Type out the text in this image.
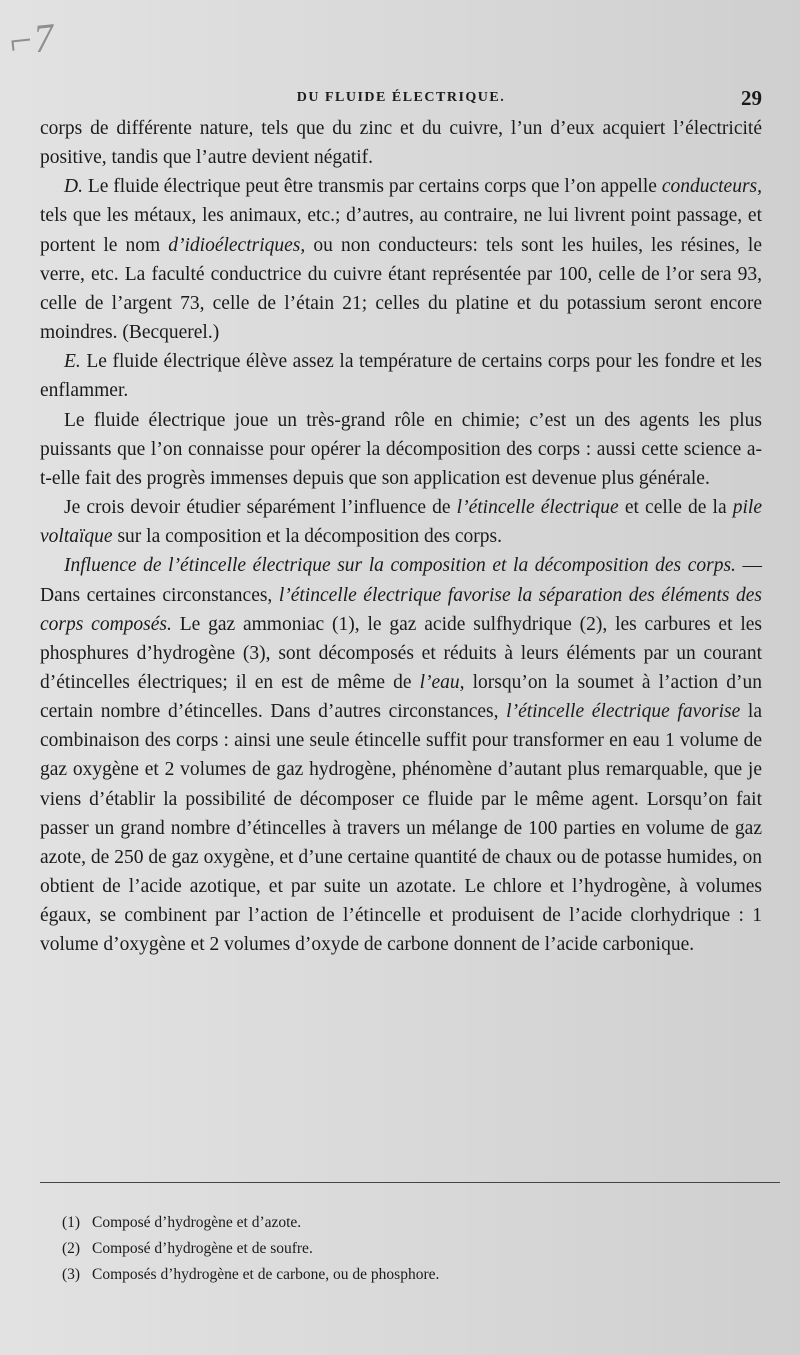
⌐7
DU FLUIDE ÉLECTRIQUE.	29

corps de différente nature, tels que du zinc et du cuivre, l’un d’eux acquiert l’électricité positive, tandis que l’autre devient négatif.

D. Le fluide électrique peut être transmis par certains corps que l’on appelle conducteurs, tels que les métaux, les animaux, etc.; d’autres, au contraire, ne lui livrent point passage, et portent le nom d’idioélectriques, ou non conducteurs: tels sont les huiles, les résines, le verre, etc. La faculté conductrice du cuivre étant représentée par 100, celle de l’or sera 93, celle de l’argent 73, celle de l’étain 21; celles du platine et du potassium seront encore moindres. (Becquerel.)

E. Le fluide électrique élève assez la température de certains corps pour les fondre et les enflammer.

Le fluide électrique joue un très-grand rôle en chimie; c’est un des agents les plus puissants que l’on connaisse pour opérer la décomposition des corps : aussi cette science a-t-elle fait des progrès immenses depuis que son application est devenue plus générale.

Je crois devoir étudier séparément l’influence de l’étincelle électrique et celle de la pile voltaïque sur la composition et la décomposition des corps.

Influence de l’étincelle électrique sur la composition et la décomposition des corps. — Dans certaines circonstances, l’étincelle électrique favorise la séparation des éléments des corps composés. Le gaz ammoniac (1), le gaz acide sulfhydrique (2), les carbures et les phosphures d’hydrogène (3), sont décomposés et réduits à leurs éléments par un courant d’étincelles électriques; il en est de même de l’eau, lorsqu’on la soumet à l’action d’un certain nombre d’étincelles. Dans d’autres circonstances, l’étincelle électrique favorise la combinaison des corps : ainsi une seule étincelle suffit pour transformer en eau 1 volume de gaz oxygène et 2 volumes de gaz hydrogène, phénomène d’autant plus remarquable, que je viens d’établir la possibilité de décomposer ce fluide par le même agent. Lorsqu’on fait passer un grand nombre d’étincelles à travers un mélange de 100 parties en volume de gaz azote, de 250 de gaz oxygène, et d’une certaine quantité de chaux ou de potasse humides, on obtient de l’acide azotique, et par suite un azotate. Le chlore et l’hydrogène, à volumes égaux, se combinent par l’action de l’étincelle et produisent de l’acide clorhydrique : 1 volume d’oxygène et 2 volumes d’oxyde de carbone donnent de l’acide carbonique.

(1) Composé d’hydrogène et d’azote.
(2) Composé d’hydrogène et de soufre.
(3) Composés d’hydrogène et de carbone, ou de phosphore.
